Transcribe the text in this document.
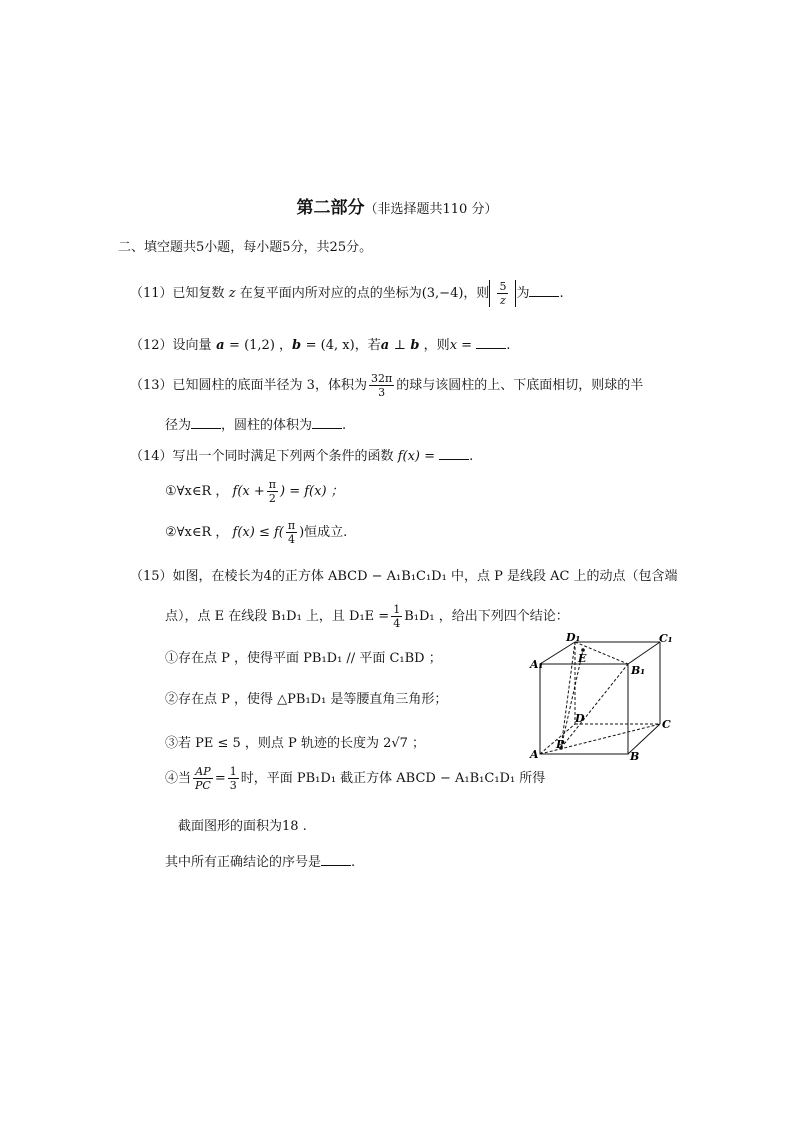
第二部分（非选择题共110 分）
二、填空题共5小题，每小题5分，共25分。
（11）已知复数 z 在复平面内所对应的点的坐标为(3,−4)，则 $\frac{5}{z}$ 为 .
（12）设向量 a = (1,2) ，b = (4, x)，若a ⊥ b ，则x =	.
（13）已知圆柱的底面半径为 3，体积为 $\frac{32\pi}{3}$ 的球与该圆柱的上、下底面相切，则球的半
径为 ，圆柱的体积为 .
（14）写出一个同时满足下列两个条件的函数 f(x) =	.
①∀x∈R ， $f(x + \frac{\pi}{2}$ ) = f(x) ；
②∀x∈R ， $f(x) \le f( \frac{\pi}{4}$ )恒成立.
（15）如图，在棱长为4的正方体 ABCD − A₁B₁C₁D₁ 中，点 P 是线段 AC 上的动点（包含端
点），点 E 在线段 B₁D₁ 上，且 $D_1E = \frac{1}{4} B_1D_1$ ，给出下列四个结论：
①存在点 P ，使得平面 PB₁D₁ // 平面 C₁BD ；
②存在点 P ，使得 △PB₁D₁ 是等腰直角三角形；
③若 PE ≤ 5 ，则点 P 轨迹的长度为 2√7 ；
④当 $\frac{AP}{PC} = \frac{1}{3}$ 时，平面 PB₁D₁ 截正方体 ABCD − A₁B₁C₁D₁ 所得
截面图形的面积为18 .
其中所有正确结论的序号是 .
D₁	C₁
A₁	B₁
E
D	C
A	B
P
